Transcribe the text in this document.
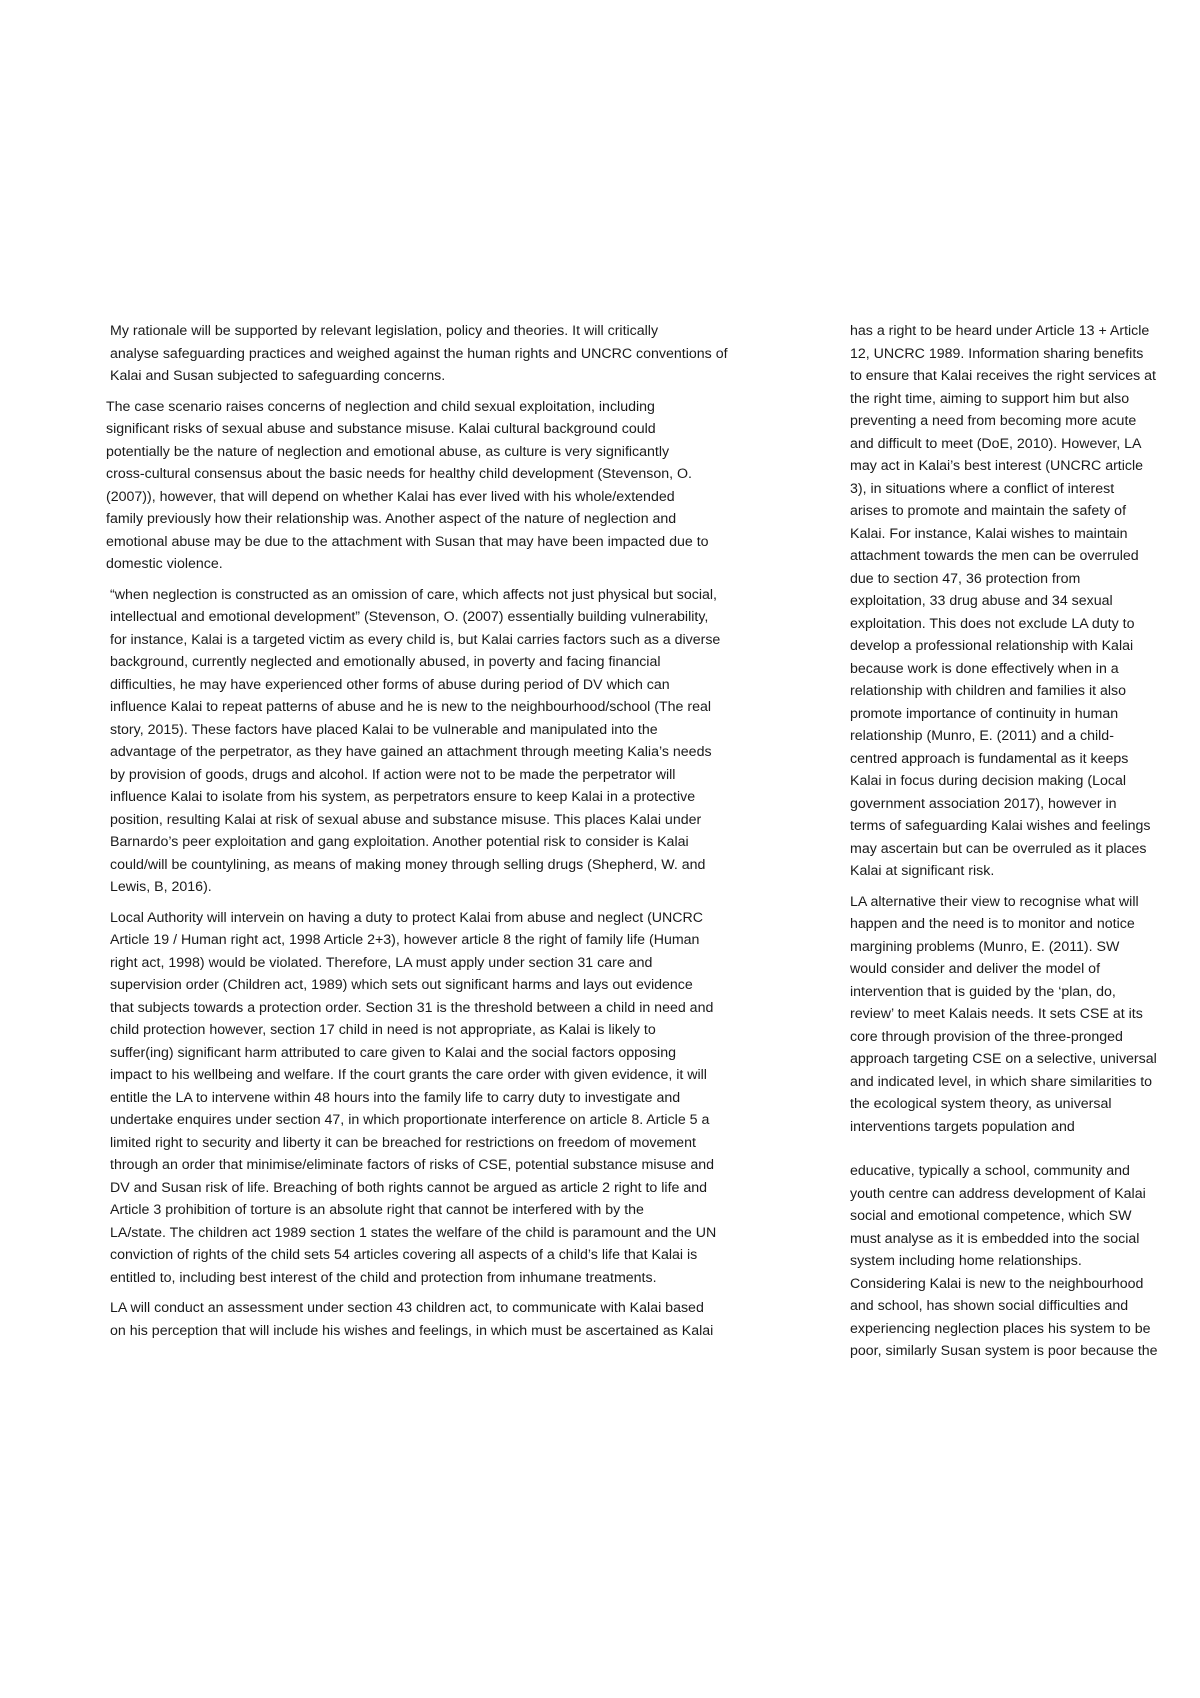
My rationale will be supported by relevant legislation, policy and theories. It will critically
analyse safeguarding practices and weighed against the human rights and UNCRC conventions of
Kalai and Susan subjected to safeguarding concerns.

The case scenario raises concerns of neglection and child sexual exploitation, including
significant risks of sexual abuse and substance misuse. Kalai cultural background could
potentially be the nature of neglection and emotional abuse, as culture is very significantly
cross-cultural consensus about the basic needs for healthy child development (Stevenson, O.
(2007)), however, that will depend on whether Kalai has ever lived with his whole/extended
family previously how their relationship was. Another aspect of the nature of neglection and
emotional abuse may be due to the attachment with Susan that may have been impacted due to
domestic violence.

“when neglection is constructed as an omission of care, which affects not just physical but social,
intellectual and emotional development” (Stevenson, O. (2007) essentially building vulnerability,
for instance, Kalai is a targeted victim as every child is, but Kalai carries factors such as a diverse
background, currently neglected and emotionally abused, in poverty and facing financial
difficulties, he may have experienced other forms of abuse during period of DV which can
influence Kalai to repeat patterns of abuse and he is new to the neighbourhood/school (The real
story, 2015). These factors have placed Kalai to be vulnerable and manipulated into the
advantage of the perpetrator, as they have gained an attachment through meeting Kalia’s needs
by provision of goods, drugs and alcohol. If action were not to be made the perpetrator will
influence Kalai to isolate from his system, as perpetrators ensure to keep Kalai in a protective
position, resulting Kalai at risk of sexual abuse and substance misuse. This places Kalai under
Barnardo’s peer exploitation and gang exploitation. Another potential risk to consider is Kalai
could/will be countylining, as means of making money through selling drugs (Shepherd, W. and
Lewis, B, 2016).

Local Authority will intervein on having a duty to protect Kalai from abuse and neglect (UNCRC
Article 19 / Human right act, 1998 Article 2+3), however article 8 the right of family life (Human
right act, 1998) would be violated. Therefore, LA must apply under section 31 care and
supervision order (Children act, 1989) which sets out significant harms and lays out evidence
that subjects towards a protection order. Section 31 is the threshold between a child in need and
child protection however, section 17 child in need is not appropriate, as Kalai is likely to
suffer(ing) significant harm attributed to care given to Kalai and the social factors opposing
impact to his wellbeing and welfare. If the court grants the care order with given evidence, it will
entitle the LA to intervene within 48 hours into the family life to carry duty to investigate and
undertake enquires under section 47, in which proportionate interference on article 8. Article 5 a
limited right to security and liberty it can be breached for restrictions on freedom of movement
through an order that minimise/eliminate factors of risks of CSE, potential substance misuse and
DV and Susan risk of life. Breaching of both rights cannot be argued as article 2 right to life and
Article 3 prohibition of torture is an absolute right that cannot be interfered with by the
LA/state. The children act 1989 section 1 states the welfare of the child is paramount and the UN
conviction of rights of the child sets 54 articles covering all aspects of a child’s life that Kalai is
entitled to, including best interest of the child and protection from inhumane treatments.

LA will conduct an assessment under section 43 children act, to communicate with Kalai based
on his perception that will include his wishes and feelings, in which must be ascertained as Kalai

has a right to be heard under Article 13 + Article
12, UNCRC 1989. Information sharing benefits
to ensure that Kalai receives the right services at
the right time, aiming to support him but also
preventing a need from becoming more acute
and difficult to meet (DoE, 2010). However, LA
may act in Kalai’s best interest (UNCRC article
3), in situations where a conflict of interest
arises to promote and maintain the safety of
Kalai. For instance, Kalai wishes to maintain
attachment towards the men can be overruled
due to section 47, 36 protection from
exploitation, 33 drug abuse and 34 sexual
exploitation. This does not exclude LA duty to
develop a professional relationship with Kalai
because work is done effectively when in a
relationship with children and families it also
promote importance of continuity in human
relationship (Munro, E. (2011) and a child-
centred approach is fundamental as it keeps
Kalai in focus during decision making (Local
government association 2017), however in
terms of safeguarding Kalai wishes and feelings
may ascertain but can be overruled as it places
Kalai at significant risk.

LA alternative their view to recognise what will
happen and the need is to monitor and notice
margining problems (Munro, E. (2011). SW
would consider and deliver the model of
intervention that is guided by the ‘plan, do,
review’ to meet Kalais needs. It sets CSE at its
core through provision of the three-pronged
approach targeting CSE on a selective, universal
and indicated level, in which share similarities to
the ecological system theory, as universal
interventions targets population and

educative, typically a school, community and
youth centre can address development of Kalai
social and emotional competence, which SW
must analyse as it is embedded into the social
system including home relationships.
Considering Kalai is new to the neighbourhood
and school, has shown social difficulties and
experiencing neglection places his system to be
poor, similarly Susan system is poor because the
